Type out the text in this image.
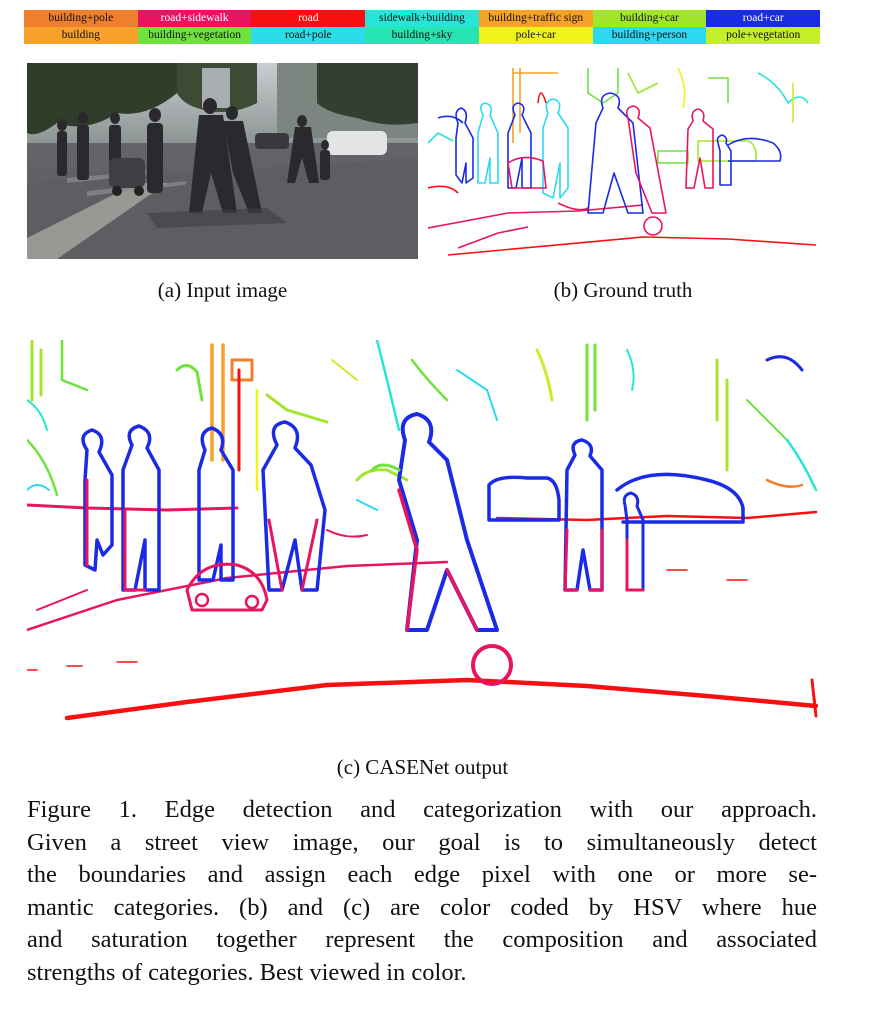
building+pole	road+sidewalk	road	sidewalk+building	building+traffic sign	building+car	road+car
building	building+vegetation	road+pole	building+sky	pole+car	building+person	pole+vegetation
(a) Input image	(b) Ground truth
(c) CASENet output
Figure 1. Edge detection and categorization with our approach.
Given a street view image, our goal is to simultaneously detect
the boundaries and assign each edge pixel with one or more se-
mantic categories. (b) and (c) are color coded by HSV where hue
and saturation together represent the composition and associated
strengths of categories. Best viewed in color.
